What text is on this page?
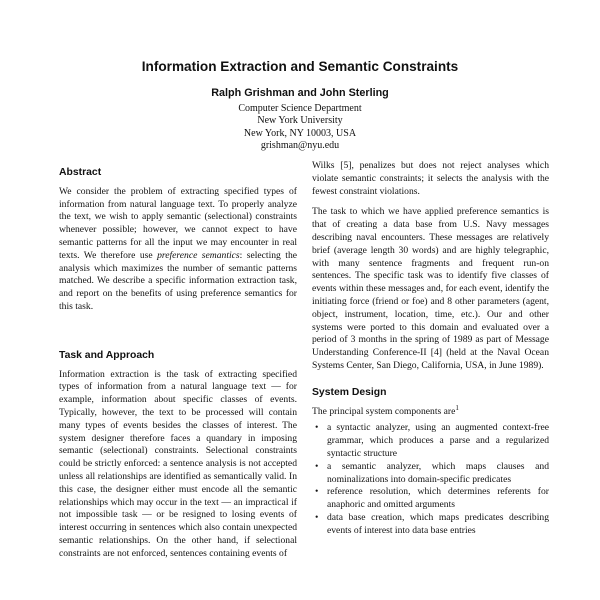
Information Extraction and Semantic Constraints
Ralph Grishman and John Sterling
Computer Science Department
New York University
New York, NY 10003, USA
grishman@nyu.edu
Abstract

We consider the problem of extracting specified types of information from natural language text. To properly analyze the text, we wish to apply semantic (selectional) constraints whenever possible; however, we cannot expect to have semantic patterns for all the input we may encounter in real texts. We therefore use preference semantics: selecting the analysis which maximizes the number of semantic patterns matched. We describe a specific information extraction task, and report on the benefits of using preference semantics for this task.

Task and Approach

Information extraction is the task of extracting specified types of information from a natural language text — for example, information about specific classes of events. Typically, however, the text to be processed will contain many types of events besides the classes of interest. The system designer therefore faces a quandary in imposing semantic (selectional) constraints. Selectional constraints could be strictly enforced: a sentence analysis is not accepted unless all relationships are identified as semantically valid. In this case, the designer either must encode all the semantic relationships which may occur in the text — an impractical if not impossible task — or be resigned to losing events of interest occurring in sentences which also contain unexpected semantic relationships. On the other hand, if selectional constraints are not enforced, sentences containing events of

Wilks [5], penalizes but does not reject analyses which violate semantic constraints; it selects the analysis with the fewest constraint violations.

The task to which we have applied preference semantics is that of creating a data base from U.S. Navy messages describing naval encounters. These messages are relatively brief (average length 30 words) and are highly telegraphic, with many sentence fragments and frequent run-on sentences. The specific task was to identify five classes of events within these messages and, for each event, identify the initiating force (friend or foe) and 8 other parameters (agent, object, instrument, location, time, etc.). Our and other systems were ported to this domain and evaluated over a period of 3 months in the spring of 1989 as part of Message Understanding Conference-II [4] (held at the Naval Ocean Systems Center, San Diego, California, USA, in June 1989).

System Design

The principal system components are$^1$

• a syntactic analyzer, using an augmented context-free grammar, which produces a parse and a regularized syntactic structure
• a semantic analyzer, which maps clauses and nominalizations into domain-specific predicates
• reference resolution, which determines referents for anaphoric and omitted arguments
• data base creation, which maps predicates describing events of interest into data base entries
